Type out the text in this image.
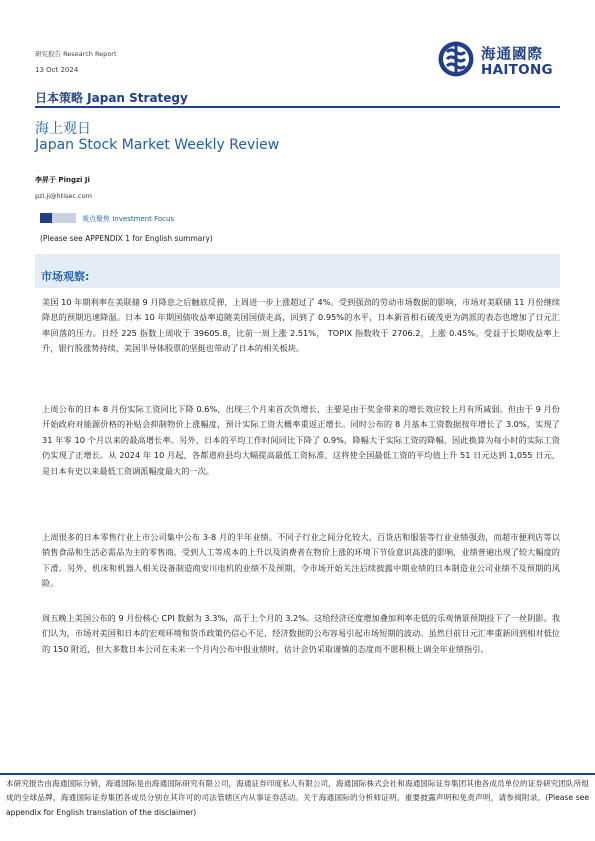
研究报告 Research Report
13 Oct 2024
海通國際
HAITONG
日本策略 Japan Strategy
海上观日
Japan Stock Market Weekly Review
李昇于 Pingzi Ji
pzi.ji@htisec.com
观点聚焦 Investment Focus
(Please see APPENDIX 1 for English summary)
市场观察:
美国 10 年期利率在美联储 9 月降息之后触底反弹，上周进一步上涨超过了 4%。受到强劲的劳动市场数据的影响，市场对美联储 11 月份继续降息的预期迅速降温。日本 10 年期国债收益率追随美国国债走高，回到了 0.95%的水平，日本新首相石破茂更为鸽派的表态也增加了日元汇率回落的压力。日经 225 指数上周收于 39605.8，比前一周上涨 2.51%， TOPIX 指数收于 2706.2，上涨 0.45%。受益于长期收益率上升，银行股涨势持续，美国半导体股票的坚挺也带动了日本的相关板块。
上周公布的日本 8 月份实际工资同比下降 0.6%，出现三个月来首次负增长，主要是由于奖金带来的增长效应较上月有所减弱。但由于 9 月份开始政府对能源价格的补贴会抑制物价上涨幅度，预计实际工资大概率重返正增长。同时公布的 8 月基本工资数据按年增长了 3.0%，实现了 31 年零 10 个月以来的最高增长率。另外，日本的平均工作时间同比下降了 0.9%，降幅大于实际工资的降幅，因此换算为每小时的实际工资仍实现了正增长。从 2024 年 10 月起，各都道府县均大幅提高最低工资标准，这将使全国最低工资的平均值上升 51 日元达到 1,055 日元，是日本有史以来最低工资调派幅度最大的一次。
上周很多的日本零售行业上市公司集中公布 3-8 月的半年业绩。不同子行业之间分化较大，百货店和服装等行业业绩强劲，而超市便利店等以销售食品和生活必需品为主的零售商，受到人工等成本的上升以及消费者在物价上涨的环境下节俭意识高涨的影响，业绩普遍出现了较大幅度的下滑。另外，机床和机器人相关设备制造商安川电机的业绩不及预期，令市场开始关注后续披露中期业绩的日本制造业公司业绩不及预期的风险。
周五晚上美国公布的 9 月份核心 CPI 数据为 3.3%，高于上个月的 3.2%。这给经济还度增加叠加利率走低的乐观情景预期投下了一丝阴影。我们认为，市场对美国和日本的宏观环境和货币政策仍信心不足，经济数据的公布容易引起市场短期的波动。虽然目前日元汇率重新回到相对低位的 150 附近，但大多数日本公司在未来一个月内公布中报业绩时，估计会仍采取谨慎的态度而不愿积极上调全年业绩指引。
本研究报告由海通国际分销，海通国际是由海通国际研究有限公司，海通证券印度私人有限公司，海通国际株式会社和海通国际证券集团其他各成员单位的证券研究团队所组成的全球品牌，海通国际证券集团各成员分别在其许可的司法管辖区内从事证券活动。关于海通国际的分析师证明，重要披露声明和免责声明，请参阅附录。(Please see appendix for English translation of the disclaimer)
